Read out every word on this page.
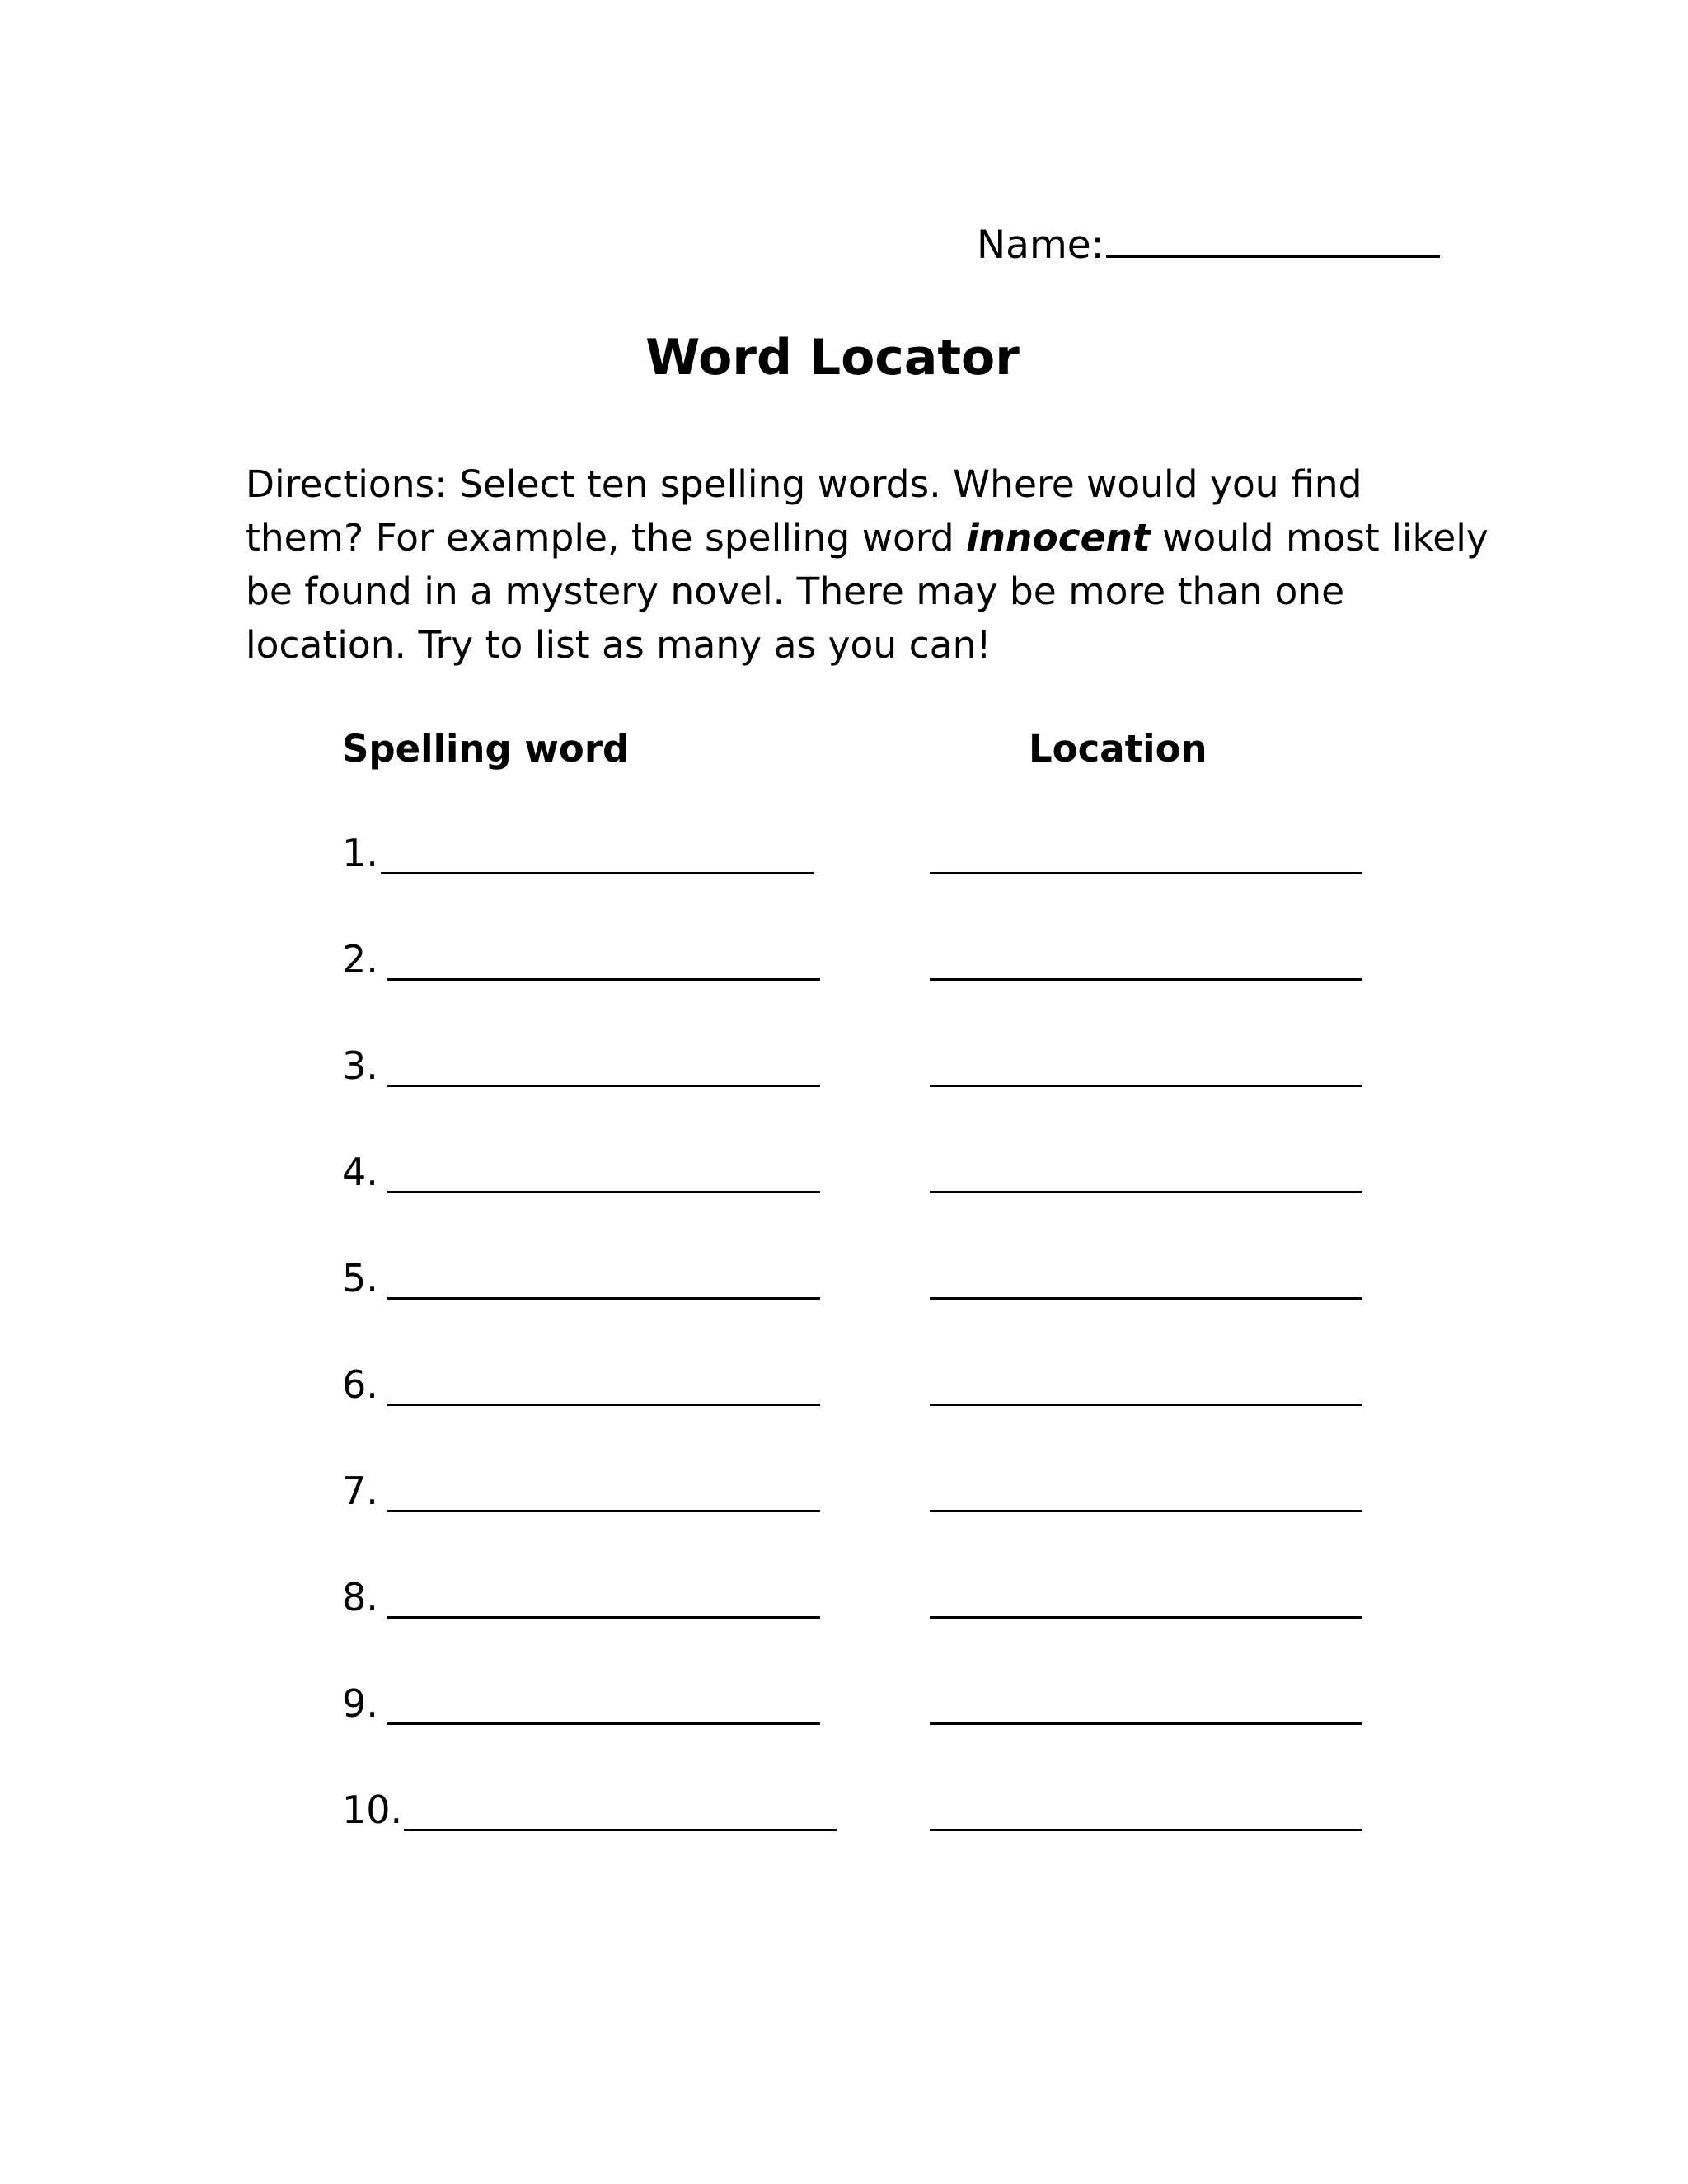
Name:
Word Locator
Directions: Select ten spelling words. Where would you find
them? For example, the spelling word innocent would most likely
be found in a mystery novel. There may be more than one
location. Try to list as many as you can!
Spelling word	Location
1.
2.
3.
4.
5.
6.
7.
8.
9.
10.
